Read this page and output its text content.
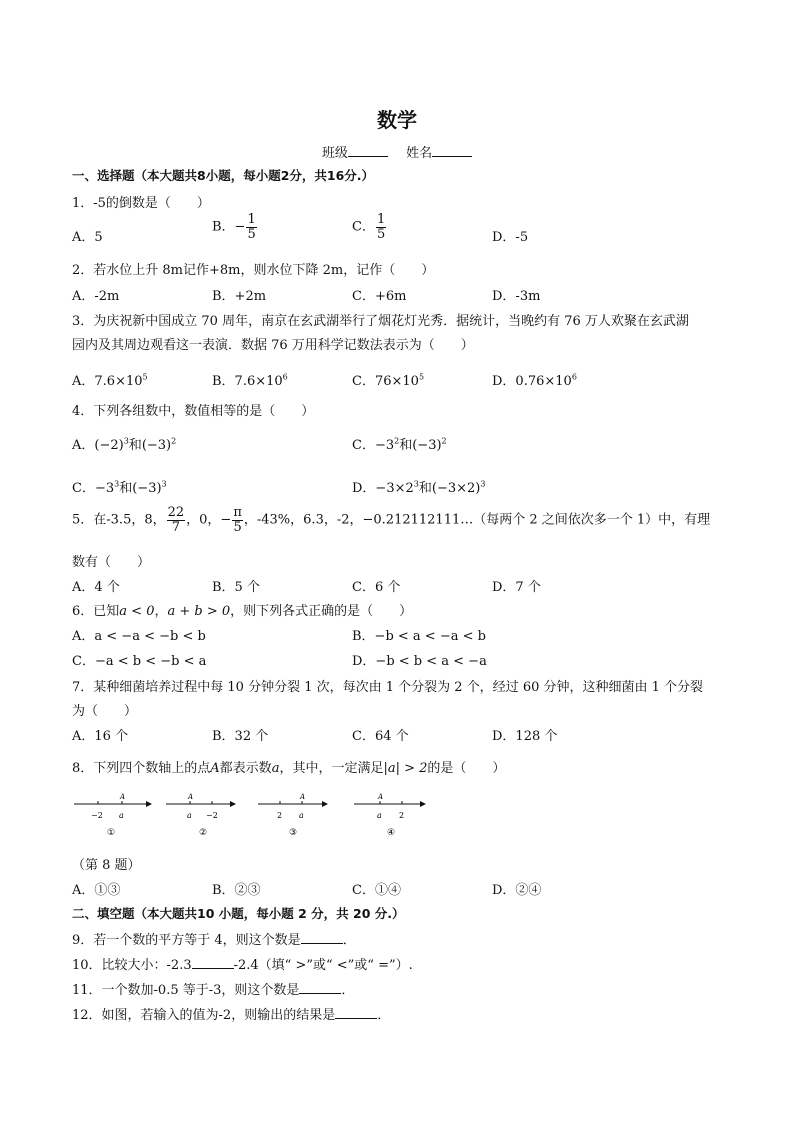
数学
班级	姓名
一、选择题（本大题共8小题，每小题2分，共16分.）
1．-5的倒数是（　　）
A．5
B．− $\frac{1}{5}$	C． $\frac{1}{5}$	D．-5
2．若水位上升 8m记作+8m，则水位下降 2m，记作（　　）
A．-2m	B．+2m	C．+6m	D．-3m
3．为庆祝新中国成立 70 周年，南京在玄武湖举行了烟花灯光秀．据统计，当晚约有 76 万人欢聚在玄武湖
园内及其周边观看这一表演．数据 76 万用科学记数法表示为（　　）
A．$7.6\times 10^5$	B．$7.6\times 10^6$	C．$76\times 10^5$	D．$0.76\times 10^6$
4．下列各组数中，数值相等的是（　　）
A．$(-2)^3$和$(-3)^2$	C．$-3^2$和$(-3)^2$
C．$-3^3$和$(-3)^3$	D．$-3\times 2^3$和$(-3\times 2)^3$
5．在-3.5，8， $\frac{22}{7}$ ，0，− $\frac{\pi}{5}$ ，-43%，6.3，-2，−0.212112111…（每两个 2 之间依次多一个 1）中，有理
数有（　　）
A．4 个	B．5 个	C．6 个	D．7 个
6．已知a < 0，a + b > 0，则下列各式正确的是（　　）
A．a < −a < −b < b	B．−b < a < −a < b
C．−a < b < −b < a	D．−b < b < a < −a
7．某种细菌培养过程中每 10 分钟分裂 1 次，每次由 1 个分裂为 2 个，经过 60 分钟，这种细菌由 1 个分裂
为（　　）
A．16 个	B．32 个	C．64 个	D．128 个
8．下列四个数轴上的点A都表示数a，其中，一定满足|a| > 2的是（　　）
A
−2 a
①
A
a −2
②
A
2 a
③
A
a 2
④
（第 8 题）
A．①③	B．②③	C．①④	D．②④
二、填空题（本大题共10 小题，每小题 2 分，共 20 分.）
9．若一个数的平方等于 4，则这个数是	．
10．比较大小：-2.3	-2.4（填“ >”或“ <”或“ =”）.
11．一个数加-0.5 等于-3，则这个数是	．
12．如图，若输入的值为-2，则输出的结果是	．
